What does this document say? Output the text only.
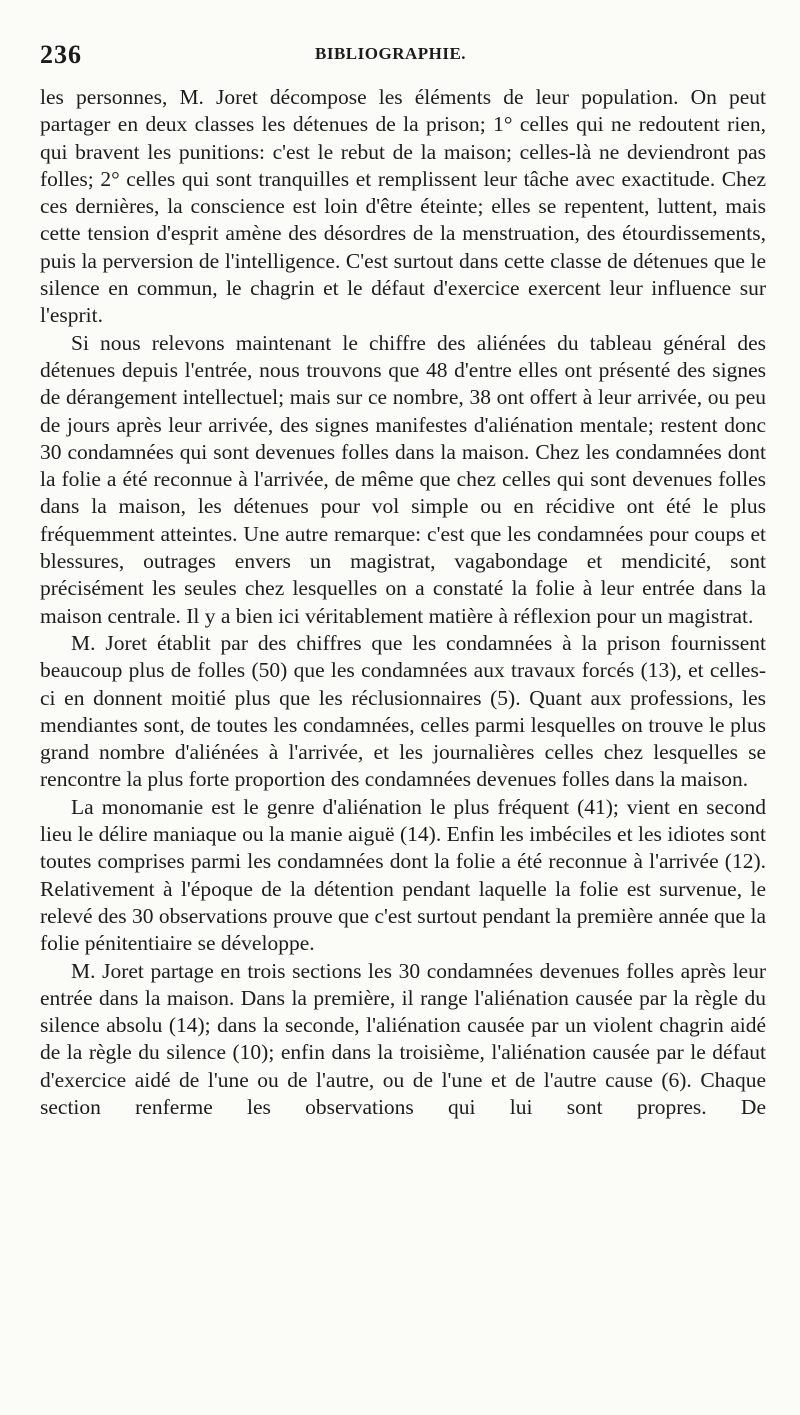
236	BIBLIOGRAPHIE.

les personnes, M. Joret décompose les éléments de leur population. On peut partager en deux classes les détenues de la prison; 1° celles qui ne redoutent rien, qui bravent les punitions: c'est le rebut de la maison; celles-là ne deviendront pas folles; 2° celles qui sont tranquilles et remplissent leur tâche avec exactitude. Chez ces dernières, la conscience est loin d'être éteinte; elles se repentent, luttent, mais cette tension d'esprit amène des désordres de la menstruation, des étourdissements, puis la perversion de l'intelligence. C'est surtout dans cette classe de détenues que le silence en commun, le chagrin et le défaut d'exercice exercent leur influence sur l'esprit.

Si nous relevons maintenant le chiffre des aliénées du tableau général des détenues depuis l'entrée, nous trouvons que 48 d'entre elles ont présenté des signes de dérangement intellectuel; mais sur ce nombre, 38 ont offert à leur arrivée, ou peu de jours après leur arrivée, des signes manifestes d'aliénation mentale; restent donc 30 condamnées qui sont devenues folles dans la maison. Chez les condamnées dont la folie a été reconnue à l'arrivée, de même que chez celles qui sont devenues folles dans la maison, les détenues pour vol simple ou en récidive ont été le plus fréquemment atteintes. Une autre remarque: c'est que les condamnées pour coups et blessures, outrages envers un magistrat, vagabondage et mendicité, sont précisément les seules chez lesquelles on a constaté la folie à leur entrée dans la maison centrale. Il y a bien ici véritablement matière à réflexion pour un magistrat.

M. Joret établit par des chiffres que les condamnées à la prison fournissent beaucoup plus de folles (50) que les condamnées aux travaux forcés (13), et celles-ci en donnent moitié plus que les réclusionnaires (5). Quant aux professions, les mendiantes sont, de toutes les condamnées, celles parmi lesquelles on trouve le plus grand nombre d'aliénées à l'arrivée, et les journalières celles chez lesquelles se rencontre la plus forte proportion des condamnées devenues folles dans la maison.

La monomanie est le genre d'aliénation le plus fréquent (41); vient en second lieu le délire maniaque ou la manie aiguë (14). Enfin les imbéciles et les idiotes sont toutes comprises parmi les condamnées dont la folie a été reconnue à l'arrivée (12). Relativement à l'époque de la détention pendant laquelle la folie est survenue, le relevé des 30 observations prouve que c'est surtout pendant la première année que la folie pénitentiaire se développe.

M. Joret partage en trois sections les 30 condamnées devenues folles après leur entrée dans la maison. Dans la première, il range l'aliénation causée par la règle du silence absolu (14); dans la seconde, l'aliénation causée par un violent chagrin aidé de la règle du silence (10); enfin dans la troisième, l'aliénation causée par le défaut d'exercice aidé de l'une ou de l'autre, ou de l'une et de l'autre cause (6). Chaque section renferme les observations qui lui sont propres. De
